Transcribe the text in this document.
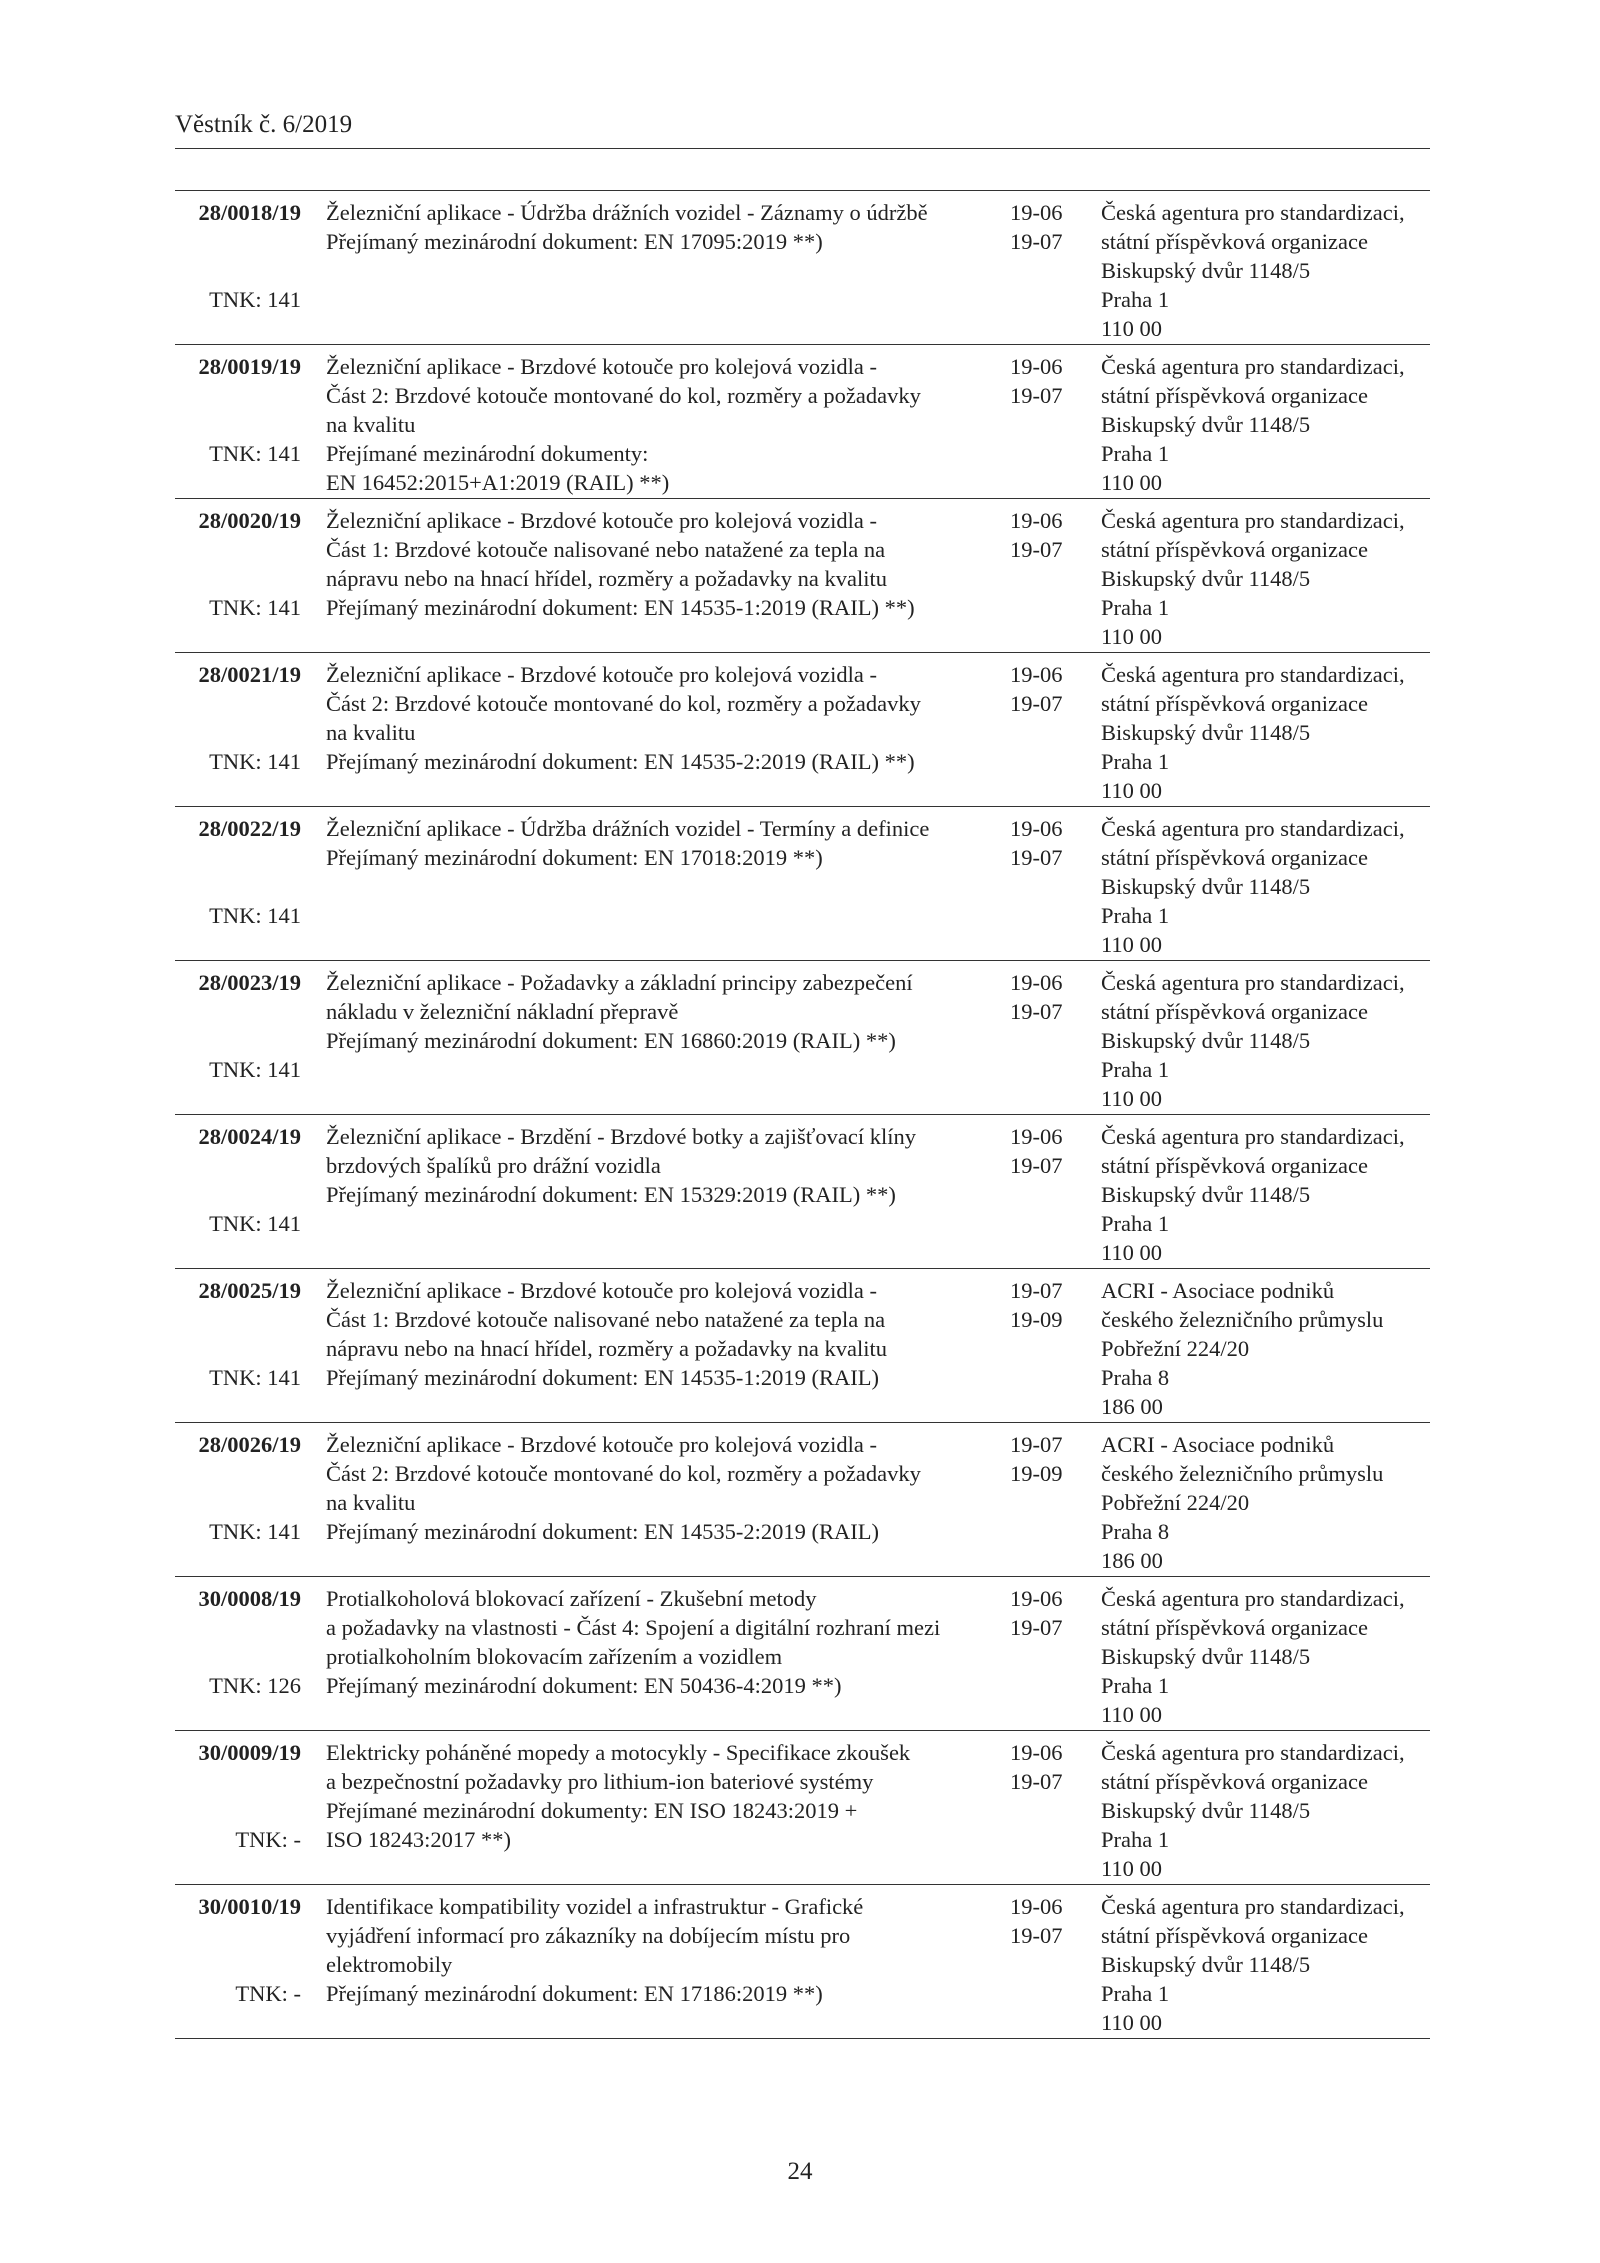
Věstník č. 6/2019
28/0018/19
TNK: 141
Železniční aplikace - Údržba drážních vozidel - Záznamy o údržbě
Přejímaný mezinárodní dokument: EN 17095:2019 **)
19-06
19-07
Česká agentura pro standardizaci,
státní příspěvková organizace
Biskupský dvůr 1148/5
Praha 1
110 00
28/0019/19
TNK: 141
Železniční aplikace - Brzdové kotouče pro kolejová vozidla -
Část 2: Brzdové kotouče montované do kol, rozměry a požadavky
na kvalitu
Přejímané mezinárodní dokumenty:
EN 16452:2015+A1:2019 (RAIL) **)
19-06
19-07
Česká agentura pro standardizaci,
státní příspěvková organizace
Biskupský dvůr 1148/5
Praha 1
110 00
28/0020/19
TNK: 141
Železniční aplikace - Brzdové kotouče pro kolejová vozidla -
Část 1: Brzdové kotouče nalisované nebo natažené za tepla na
nápravu nebo na hnací hřídel, rozměry a požadavky na kvalitu
Přejímaný mezinárodní dokument: EN 14535-1:2019 (RAIL) **)
19-06
19-07
Česká agentura pro standardizaci,
státní příspěvková organizace
Biskupský dvůr 1148/5
Praha 1
110 00
28/0021/19
TNK: 141
Železniční aplikace - Brzdové kotouče pro kolejová vozidla -
Část 2: Brzdové kotouče montované do kol, rozměry a požadavky
na kvalitu
Přejímaný mezinárodní dokument: EN 14535-2:2019 (RAIL) **)
19-06
19-07
Česká agentura pro standardizaci,
státní příspěvková organizace
Biskupský dvůr 1148/5
Praha 1
110 00
28/0022/19
TNK: 141
Železniční aplikace - Údržba drážních vozidel - Termíny a definice
Přejímaný mezinárodní dokument: EN 17018:2019 **)
19-06
19-07
Česká agentura pro standardizaci,
státní příspěvková organizace
Biskupský dvůr 1148/5
Praha 1
110 00
28/0023/19
TNK: 141
Železniční aplikace - Požadavky a základní principy zabezpečení
nákladu v železniční nákladní přepravě
Přejímaný mezinárodní dokument: EN 16860:2019 (RAIL) **)
19-06
19-07
Česká agentura pro standardizaci,
státní příspěvková organizace
Biskupský dvůr 1148/5
Praha 1
110 00
28/0024/19
TNK: 141
Železniční aplikace - Brzdění - Brzdové botky a zajišťovací klíny
brzdových špalíků pro drážní vozidla
Přejímaný mezinárodní dokument: EN 15329:2019 (RAIL) **)
19-06
19-07
Česká agentura pro standardizaci,
státní příspěvková organizace
Biskupský dvůr 1148/5
Praha 1
110 00
28/0025/19
TNK: 141
Železniční aplikace - Brzdové kotouče pro kolejová vozidla -
Část 1: Brzdové kotouče nalisované nebo natažené za tepla na
nápravu nebo na hnací hřídel, rozměry a požadavky na kvalitu
Přejímaný mezinárodní dokument: EN 14535-1:2019 (RAIL)
19-07
19-09
ACRI - Asociace podniků
českého železničního průmyslu
Pobřežní 224/20
Praha 8
186 00
28/0026/19
TNK: 141
Železniční aplikace - Brzdové kotouče pro kolejová vozidla -
Část 2: Brzdové kotouče montované do kol, rozměry a požadavky
na kvalitu
Přejímaný mezinárodní dokument: EN 14535-2:2019 (RAIL)
19-07
19-09
ACRI - Asociace podniků
českého železničního průmyslu
Pobřežní 224/20
Praha 8
186 00
30/0008/19
TNK: 126
Protialkoholová blokovací zařízení - Zkušební metody
a požadavky na vlastnosti - Část 4: Spojení a digitální rozhraní mezi
protialkoholním blokovacím zařízením a vozidlem
Přejímaný mezinárodní dokument: EN 50436-4:2019 **)
19-06
19-07
Česká agentura pro standardizaci,
státní příspěvková organizace
Biskupský dvůr 1148/5
Praha 1
110 00
30/0009/19
TNK: -
Elektricky poháněné mopedy a motocykly - Specifikace zkoušek
a bezpečnostní požadavky pro lithium-ion bateriové systémy
Přejímané mezinárodní dokumenty: EN ISO 18243:2019 +
ISO 18243:2017 **)
19-06
19-07
Česká agentura pro standardizaci,
státní příspěvková organizace
Biskupský dvůr 1148/5
Praha 1
110 00
30/0010/19
TNK: -
Identifikace kompatibility vozidel a infrastruktur - Grafické
vyjádření informací pro zákazníky na dobíjecím místu pro
elektromobily
Přejímaný mezinárodní dokument: EN 17186:2019 **)
19-06
19-07
Česká agentura pro standardizaci,
státní příspěvková organizace
Biskupský dvůr 1148/5
Praha 1
110 00
24
